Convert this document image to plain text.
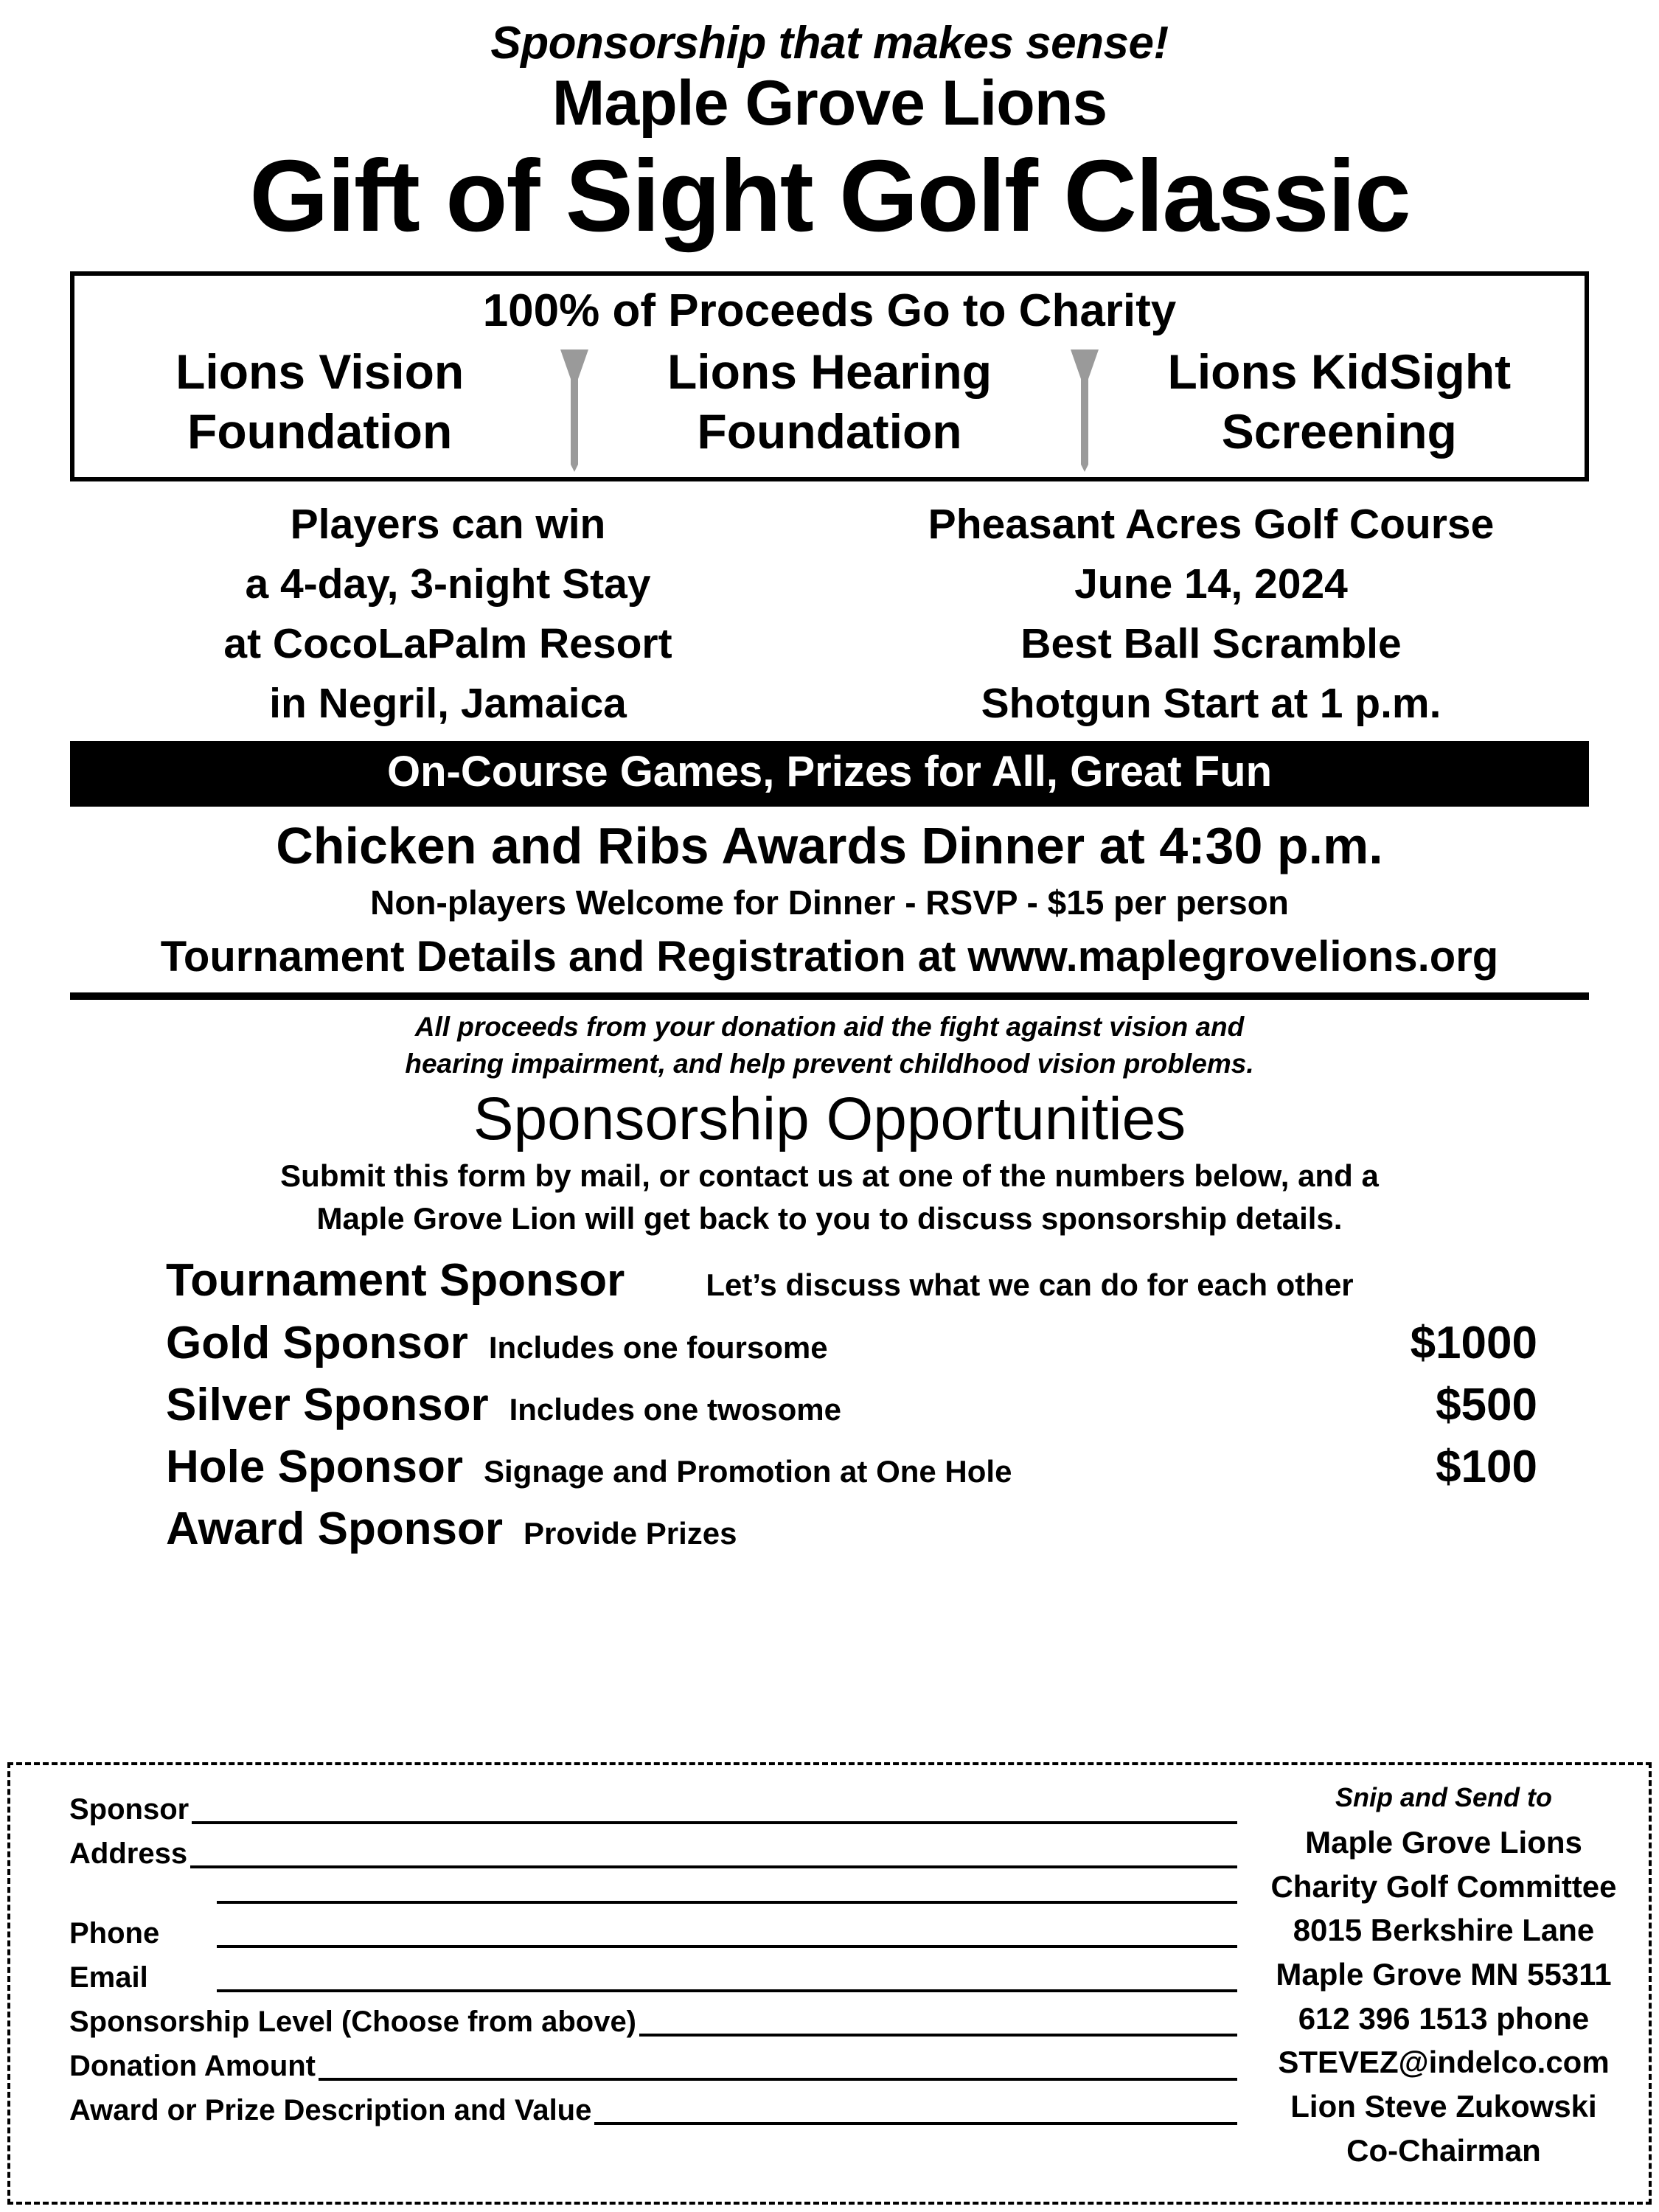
Sponsorship that makes sense!
Maple Grove Lions
Gift of Sight Golf Classic
100% of Proceeds Go to Charity
Lions Vision
Foundation
Lions Hearing
Foundation
Lions KidSight
Screening
Players can win
a 4-day, 3-night Stay
at CocoLaPalm Resort
in Negril, Jamaica
Pheasant Acres Golf Course
June 14, 2024
Best Ball Scramble
Shotgun Start at 1 p.m.
On-Course Games, Prizes for All, Great Fun
Chicken and Ribs Awards Dinner at 4:30 p.m.
Non-players Welcome for Dinner - RSVP - $15 per person
Tournament Details and Registration at www.maplegrovelions.org
All proceeds from your donation aid the fight against vision and
hearing impairment, and help prevent childhood vision problems.
Sponsorship Opportunities
Submit this form by mail, or contact us at one of the numbers below, and a
Maple Grove Lion will get back to you to discuss sponsorship details.
Tournament Sponsor	Let’s discuss what we can do for each other
Gold Sponsor Includes one foursome	$1000
Silver Sponsor Includes one twosome	$500
Hole Sponsor Signage and Promotion at One Hole	$100
Award Sponsor Provide Prizes
Sponsor
Address
Phone
Email
Sponsorship Level (Choose from above)
Donation Amount
Award or Prize Description and Value
Snip and Send to
Maple Grove Lions
Charity Golf Committee
8015 Berkshire Lane
Maple Grove MN 55311
612 396 1513 phone
STEVEZ@indelco.com
Lion Steve Zukowski
Co-Chairman
